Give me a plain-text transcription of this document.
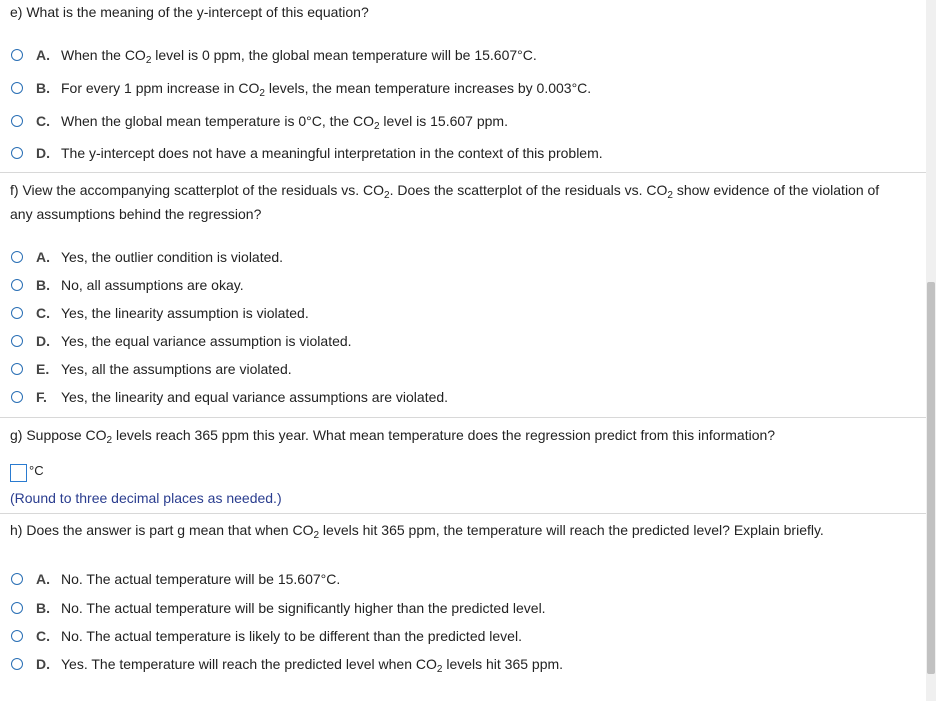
e) What is the meaning of the y-intercept of this equation?
A. When the $CO_2$ level is 0 ppm, the global mean temperature will be 15.607°C.
B. For every 1 ppm increase in $CO_2$ levels, the mean temperature increases by 0.003°C.
C. When the global mean temperature is 0°C, the $CO_2$ level is 15.607 ppm.
D. The y-intercept does not have a meaningful interpretation in the context of this problem.
f) View the accompanying scatterplot of the residuals vs. $CO_2$. Does the scatterplot of the residuals vs. $CO_2$ show evidence of the violation of
any assumptions behind the regression?
A. Yes, the outlier condition is violated.
B. No, all assumptions are okay.
C. Yes, the linearity assumption is violated.
D. Yes, the equal variance assumption is violated.
E. Yes, all the assumptions are violated.
F.	Yes, the linearity and equal variance assumptions are violated.
g) Suppose $CO_2$ levels reach 365 ppm this year. What mean temperature does the regression predict from this information?
°C
(Round to three decimal places as needed.)
h) Does the answer is part g mean that when $CO_2$ levels hit 365 ppm, the temperature will reach the predicted level? Explain briefly.
A. No. The actual temperature will be 15.607°C.
B. No. The actual temperature will be significantly higher than the predicted level.
C. No. The actual temperature is likely to be different than the predicted level.
D. Yes. The temperature will reach the predicted level when $CO_2$ levels hit 365 ppm.
